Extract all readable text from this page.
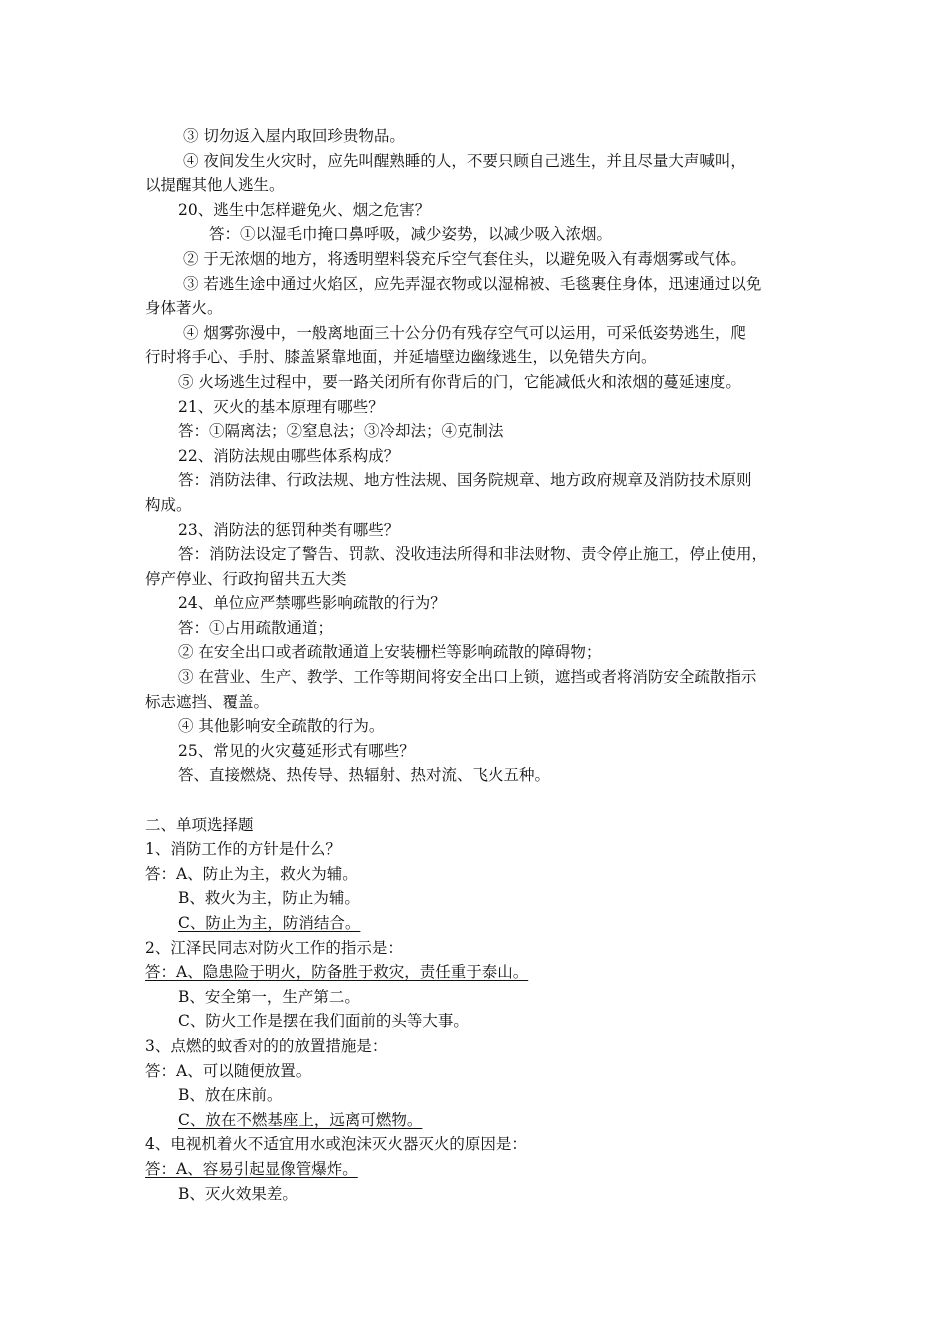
③ 切勿返入屋内取回珍贵物品。
④ 夜间发生火灾时，应先叫醒熟睡的人，不要只顾自己逃生，并且尽量大声喊叫，
以提醒其他人逃生。
20、逃生中怎样避免火、烟之危害？
答：①以湿毛巾掩口鼻呼吸，减少姿势，以减少吸入浓烟。
② 于无浓烟的地方，将透明塑料袋充斥空气套住头，以避免吸入有毒烟雾或气体。
③ 若逃生途中通过火焰区，应先弄湿衣物或以湿棉被、毛毯裹住身体，迅速通过以免
身体著火。
④ 烟雾弥漫中，一般离地面三十公分仍有残存空气可以运用，可采低姿势逃生，爬
行时将手心、手肘、膝盖紧靠地面，并延墙壁边幽缘逃生，以免错失方向。
⑤ 火场逃生过程中，要一路关闭所有你背后的门，它能减低火和浓烟的蔓延速度。
21、灭火的基本原理有哪些？
答：①隔离法；②窒息法；③冷却法；④克制法
22、消防法规由哪些体系构成？
答：消防法律、行政法规、地方性法规、国务院规章、地方政府规章及消防技术原则
构成。
23、消防法的惩罚种类有哪些？
答：消防法设定了警告、罚款、没收违法所得和非法财物、责令停止施工，停止使用，
停产停业、行政拘留共五大类
24、单位应严禁哪些影响疏散的行为？
答：①占用疏散通道；
② 在安全出口或者疏散通道上安装栅栏等影响疏散的障碍物；
③ 在营业、生产、教学、工作等期间将安全出口上锁，遮挡或者将消防安全疏散指示
标志遮挡、覆盖。
④ 其他影响安全疏散的行为。
25、常见的火灾蔓延形式有哪些？
答、直接燃烧、热传导、热辐射、热对流、飞火五种。
二、单项选择题
1、消防工作的方针是什么？
答：A、防止为主，救火为辅。
B、救火为主，防止为辅。
C、防止为主，防消结合。
2、江泽民同志对防火工作的指示是：
答：A、隐患险于明火，防备胜于救灾，责任重于泰山。
B、安全第一，生产第二。
C、防火工作是摆在我们面前的头等大事。
3、点燃的蚊香对的的放置措施是：
答：A、可以随便放置。
B、放在床前。
C、放在不燃基座上，远离可燃物。
4、电视机着火不适宜用水或泡沫灭火器灭火的原因是：
答：A、容易引起显像管爆炸。
B、灭火效果差。
